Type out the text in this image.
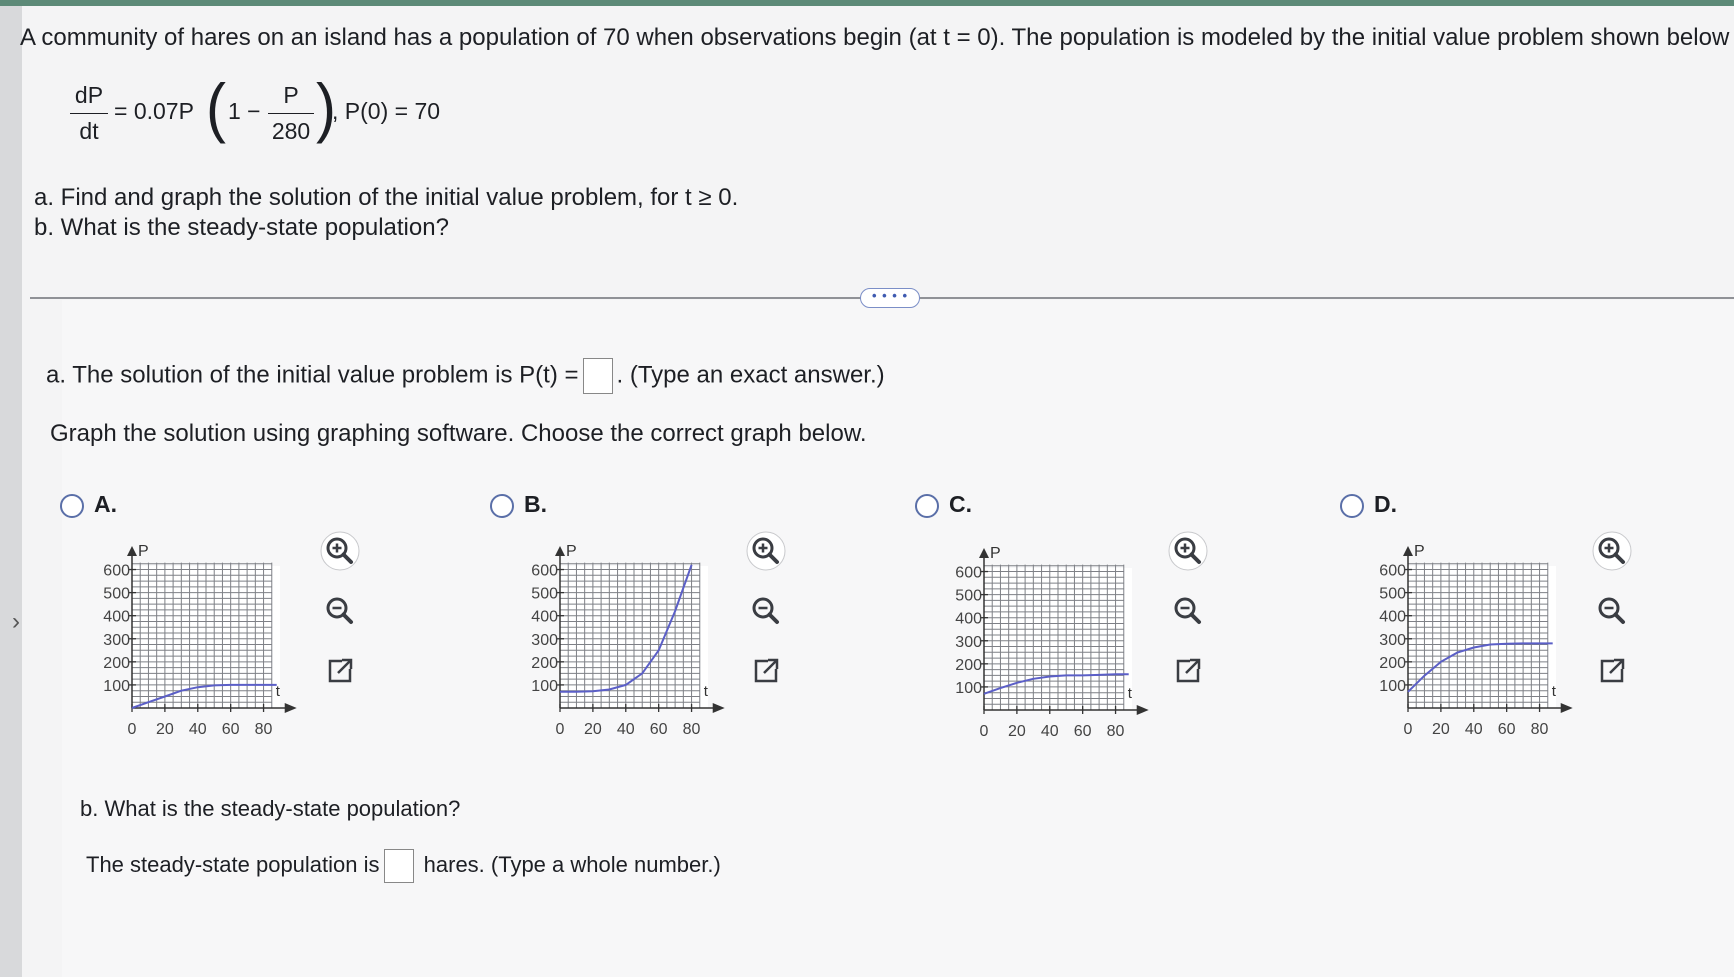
›
A community of hares on an island has a population of 70 when observations begin (at t = 0). The population is modeled by the initial value problem shown below
dP
dt
= 0.07P ( 1 −
P
280 )
, P(0) = 70
a. Find and graph the solution of the initial value problem, for t ≥ 0.
b. What is the steady-state population?
• • • •
a. The solution of the initial value problem is P(t) = . (Type an exact answer.)
Graph the solution using graphing software. Choose the correct graph below.
A.
P
t
100
200
300
400
500
600
0 20 40 60 80
B.
P
t
100
200
300
400
500
600
0 20 40 60 80
C.
P
t
100
200
300
400
500
600
0 20 40 60 80
D.
P
t
100
200
300
400
500
600
0 20 40 60 80
b. What is the steady-state population?
The steady-state population is hares. (Type a whole number.)
